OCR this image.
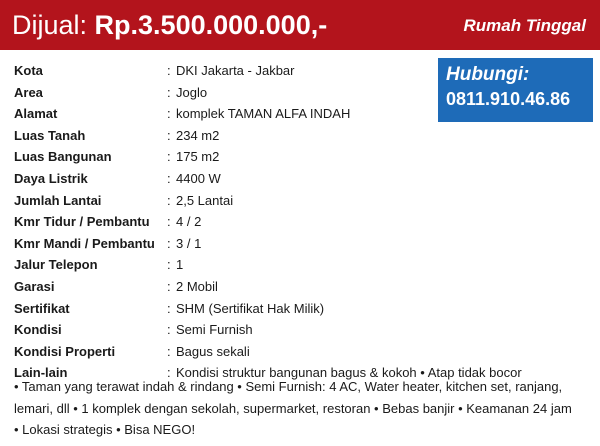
Dijual: Rp.3.500.000.000,-	Rumah Tinggal
Hubungi:
0811.910.46.86
Kota	: DKI Jakarta - Jakbar
Area	: Joglo
Alamat	: komplek TAMAN ALFA INDAH
Luas Tanah	: 234 m2
Luas Bangunan	: 175 m2
Daya Listrik	: 4400 W
Jumlah Lantai	: 2,5 Lantai
Kmr Tidur / Pembantu : 4 / 2
Kmr Mandi / Pembantu : 3 / 1
Jalur Telepon	: 1
Garasi	: 2 Mobil
Sertifikat	: SHM (Sertifikat Hak Milik)
Kondisi	: Semi Furnish
Kondisi Properti	: Bagus sekali
Lain-lain	: Kondisi struktur bangunan bagus & kokoh • Atap tidak bocor
• Taman yang terawat indah & rindang • Semi Furnish: 4 AC, Water heater, kitchen set, ranjang,
lemari, dll • 1 komplek dengan sekolah, supermarket, restoran • Bebas banjir • Keamanan 24 jam
• Lokasi strategis • Bisa NEGO!
